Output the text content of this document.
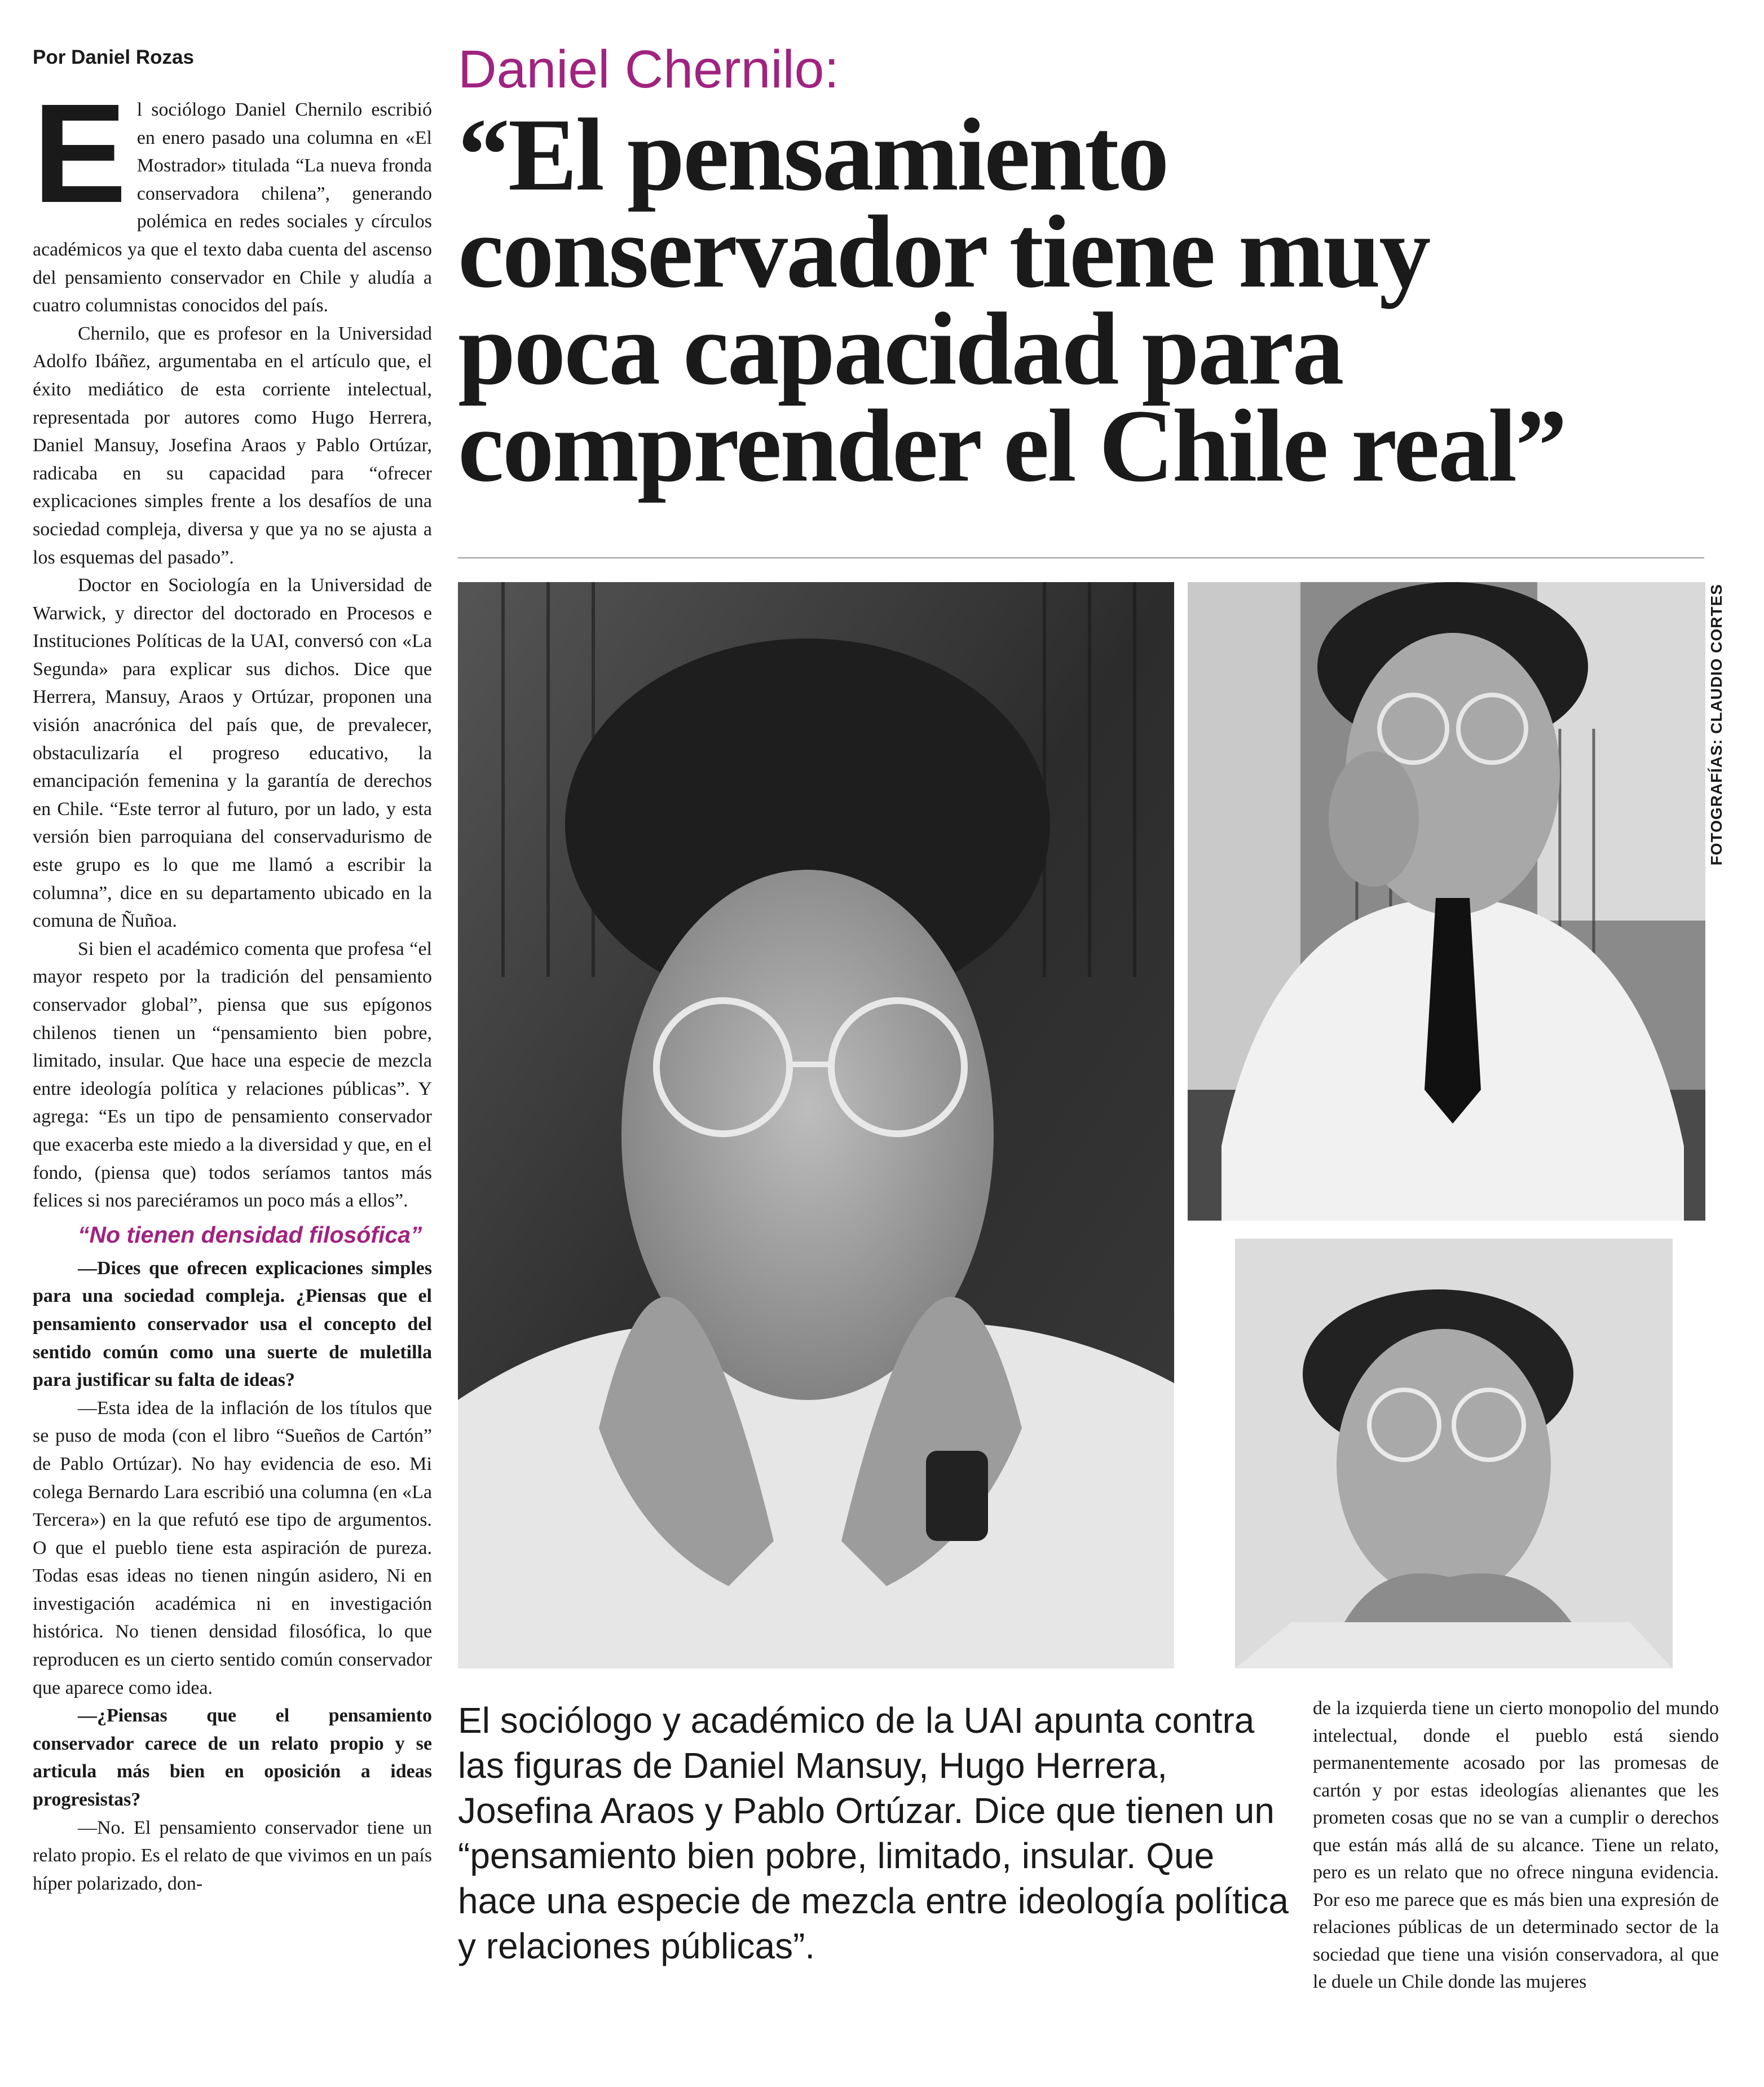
Por Daniel Rozas

El sociólogo Daniel Chernilo escribió en enero pasado una columna en «El Mostrador» titulada “La nueva fronda conservadora chilena”, generando polémica en redes sociales y círculos académicos ya que el texto daba cuenta del ascenso del pensamiento conservador en Chile y aludía a cuatro columnistas conocidos del país.

Chernilo, que es profesor en la Universidad Adolfo Ibáñez, argumentaba en el artículo que, el éxito mediático de esta corriente intelectual, representada por autores como Hugo Herrera, Daniel Mansuy, Josefina Araos y Pablo Ortúzar, radicaba en su capacidad para “ofrecer explicaciones simples frente a los desafíos de una sociedad compleja, diversa y que ya no se ajusta a los esquemas del pasado”.

Doctor en Sociología en la Universidad de Warwick, y director del doctorado en Procesos e Instituciones Políticas de la UAI, conversó con «La Segunda» para explicar sus dichos. Dice que Herrera, Mansuy, Araos y Ortúzar, proponen una visión anacrónica del país que, de prevalecer, obstaculizaría el progreso educativo, la emancipación femenina y la garantía de derechos en Chile. “Este terror al futuro, por un lado, y esta versión bien parroquiana del conservadurismo de este grupo es lo que me llamó a escribir la columna”, dice en su departamento ubicado en la comuna de Ñuñoa.

Si bien el académico comenta que profesa “el mayor respeto por la tradición del pensamiento conservador global”, piensa que sus epígonos chilenos tienen un “pensamiento bien pobre, limitado, insular. Que hace una especie de mezcla entre ideología política y relaciones públicas”. Y agrega: “Es un tipo de pensamiento conservador que exacerba este miedo a la diversidad y que, en el fondo, (piensa que) todos seríamos tantos más felices si nos pareciéramos un poco más a ellos”.

“No tienen densidad filosófica”

—Dices que ofrecen explicaciones simples para una sociedad compleja. ¿Piensas que el pensamiento conservador usa el concepto del sentido común como una suerte de muletilla para justificar su falta de ideas?

—Esta idea de la inflación de los títulos que se puso de moda (con el libro “Sueños de Cartón” de Pablo Ortúzar). No hay evidencia de eso. Mi colega Bernardo Lara escribió una columna (en «La Tercera») en la que refutó ese tipo de argumentos. O que el pueblo tiene esta aspiración de pureza. Todas esas ideas no tienen ningún asidero, Ni en investigación académica ni en investigación histórica. No tienen densidad filosófica, lo que reproducen es un cierto sentido común conservador que aparece como idea.

—¿Piensas que el pensamiento conservador carece de un relato propio y se articula más bien en oposición a ideas progresistas?

—No. El pensamiento conservador tiene un relato propio. Es el relato de que vivimos en un país híper polarizado, don-

Daniel Chernilo:
“El pensamiento
conservador tiene muy
poca capacidad para
comprender el Chile real”
FOTOGRAFÍAS: CLAUDIO CORTES
El sociólogo y académico de la UAI apunta contra las figuras de Daniel Mansuy, Hugo Herrera, Josefina Araos y Pablo Ortúzar. Dice que tienen un “pensamiento bien pobre, limitado, insular. Que hace una especie de mezcla entre ideología política y relaciones públicas”.

de la izquierda tiene un cierto monopolio del mundo intelectual, donde el pueblo está siendo permanentemente acosado por las promesas de cartón y por estas ideologías alienantes que les prometen cosas que no se van a cumplir o derechos que están más allá de su alcance. Tiene un relato, pero es un relato que no ofrece ninguna evidencia. Por eso me parece que es más bien una expresión de relaciones públicas de un determinado sector de la sociedad que tiene una visión conservadora, al que le duele un Chile donde las mujeres
